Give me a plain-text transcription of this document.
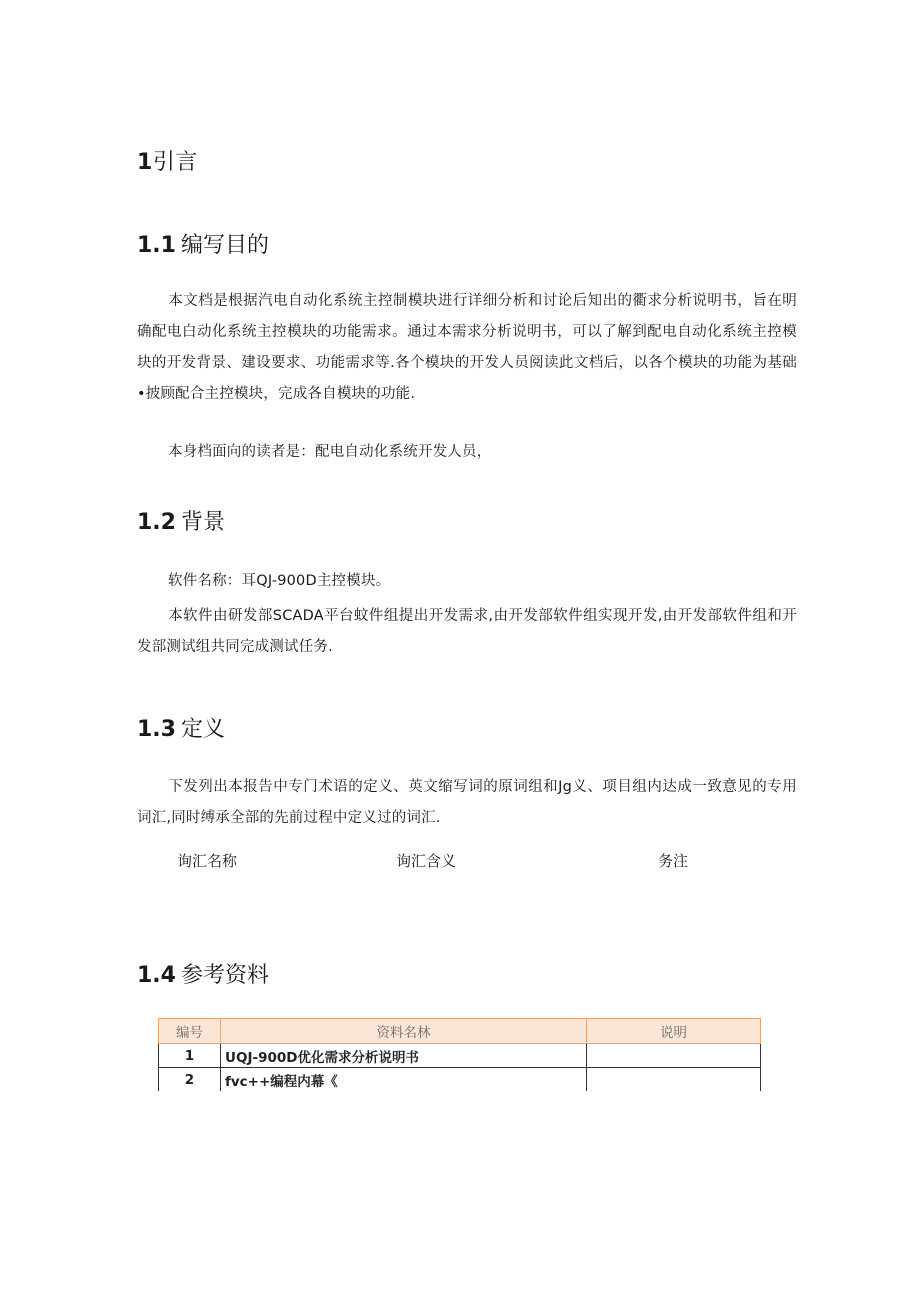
1引言
1.1 编写目的

本文档是根据汽电自动化系统主控制模块进行详细分析和讨论后知出的衢求分析说明书，旨在明确配电白动化系统主控模块的功能需求。通过本需求分析说明书，可以了解到配电自动化系统主控模块的开发背景、建设要求、功能需求等.各个模块的开发人员阅读此文档后，以各个模块的功能为基础•披顾配合主控模块，完成各自模块的功能.

本身档面向的读者是：配电自动化系统开发人员，
1.2 背景
软件名称：耳QJ-900D主控模块。

本软件由研发部SCADA平台蚊件组提出开发需求,由开发部软件组实现开发,由开发部软件组和开发部测试组共同完成测试任务.

1.3 定义

下发列出本报告中专门术语的定义、英文缩写词的原词组和Jg义、项目组内达成一致意见的专用词汇,同时缚承全部的先前过程中定义过的词汇.

询汇名称	询汇含义	务注
1.4 参考资料
编号	资料名林	说明
1	UQJ-900D优化需求分析说明书	
2	fvc++编程内幕《	
